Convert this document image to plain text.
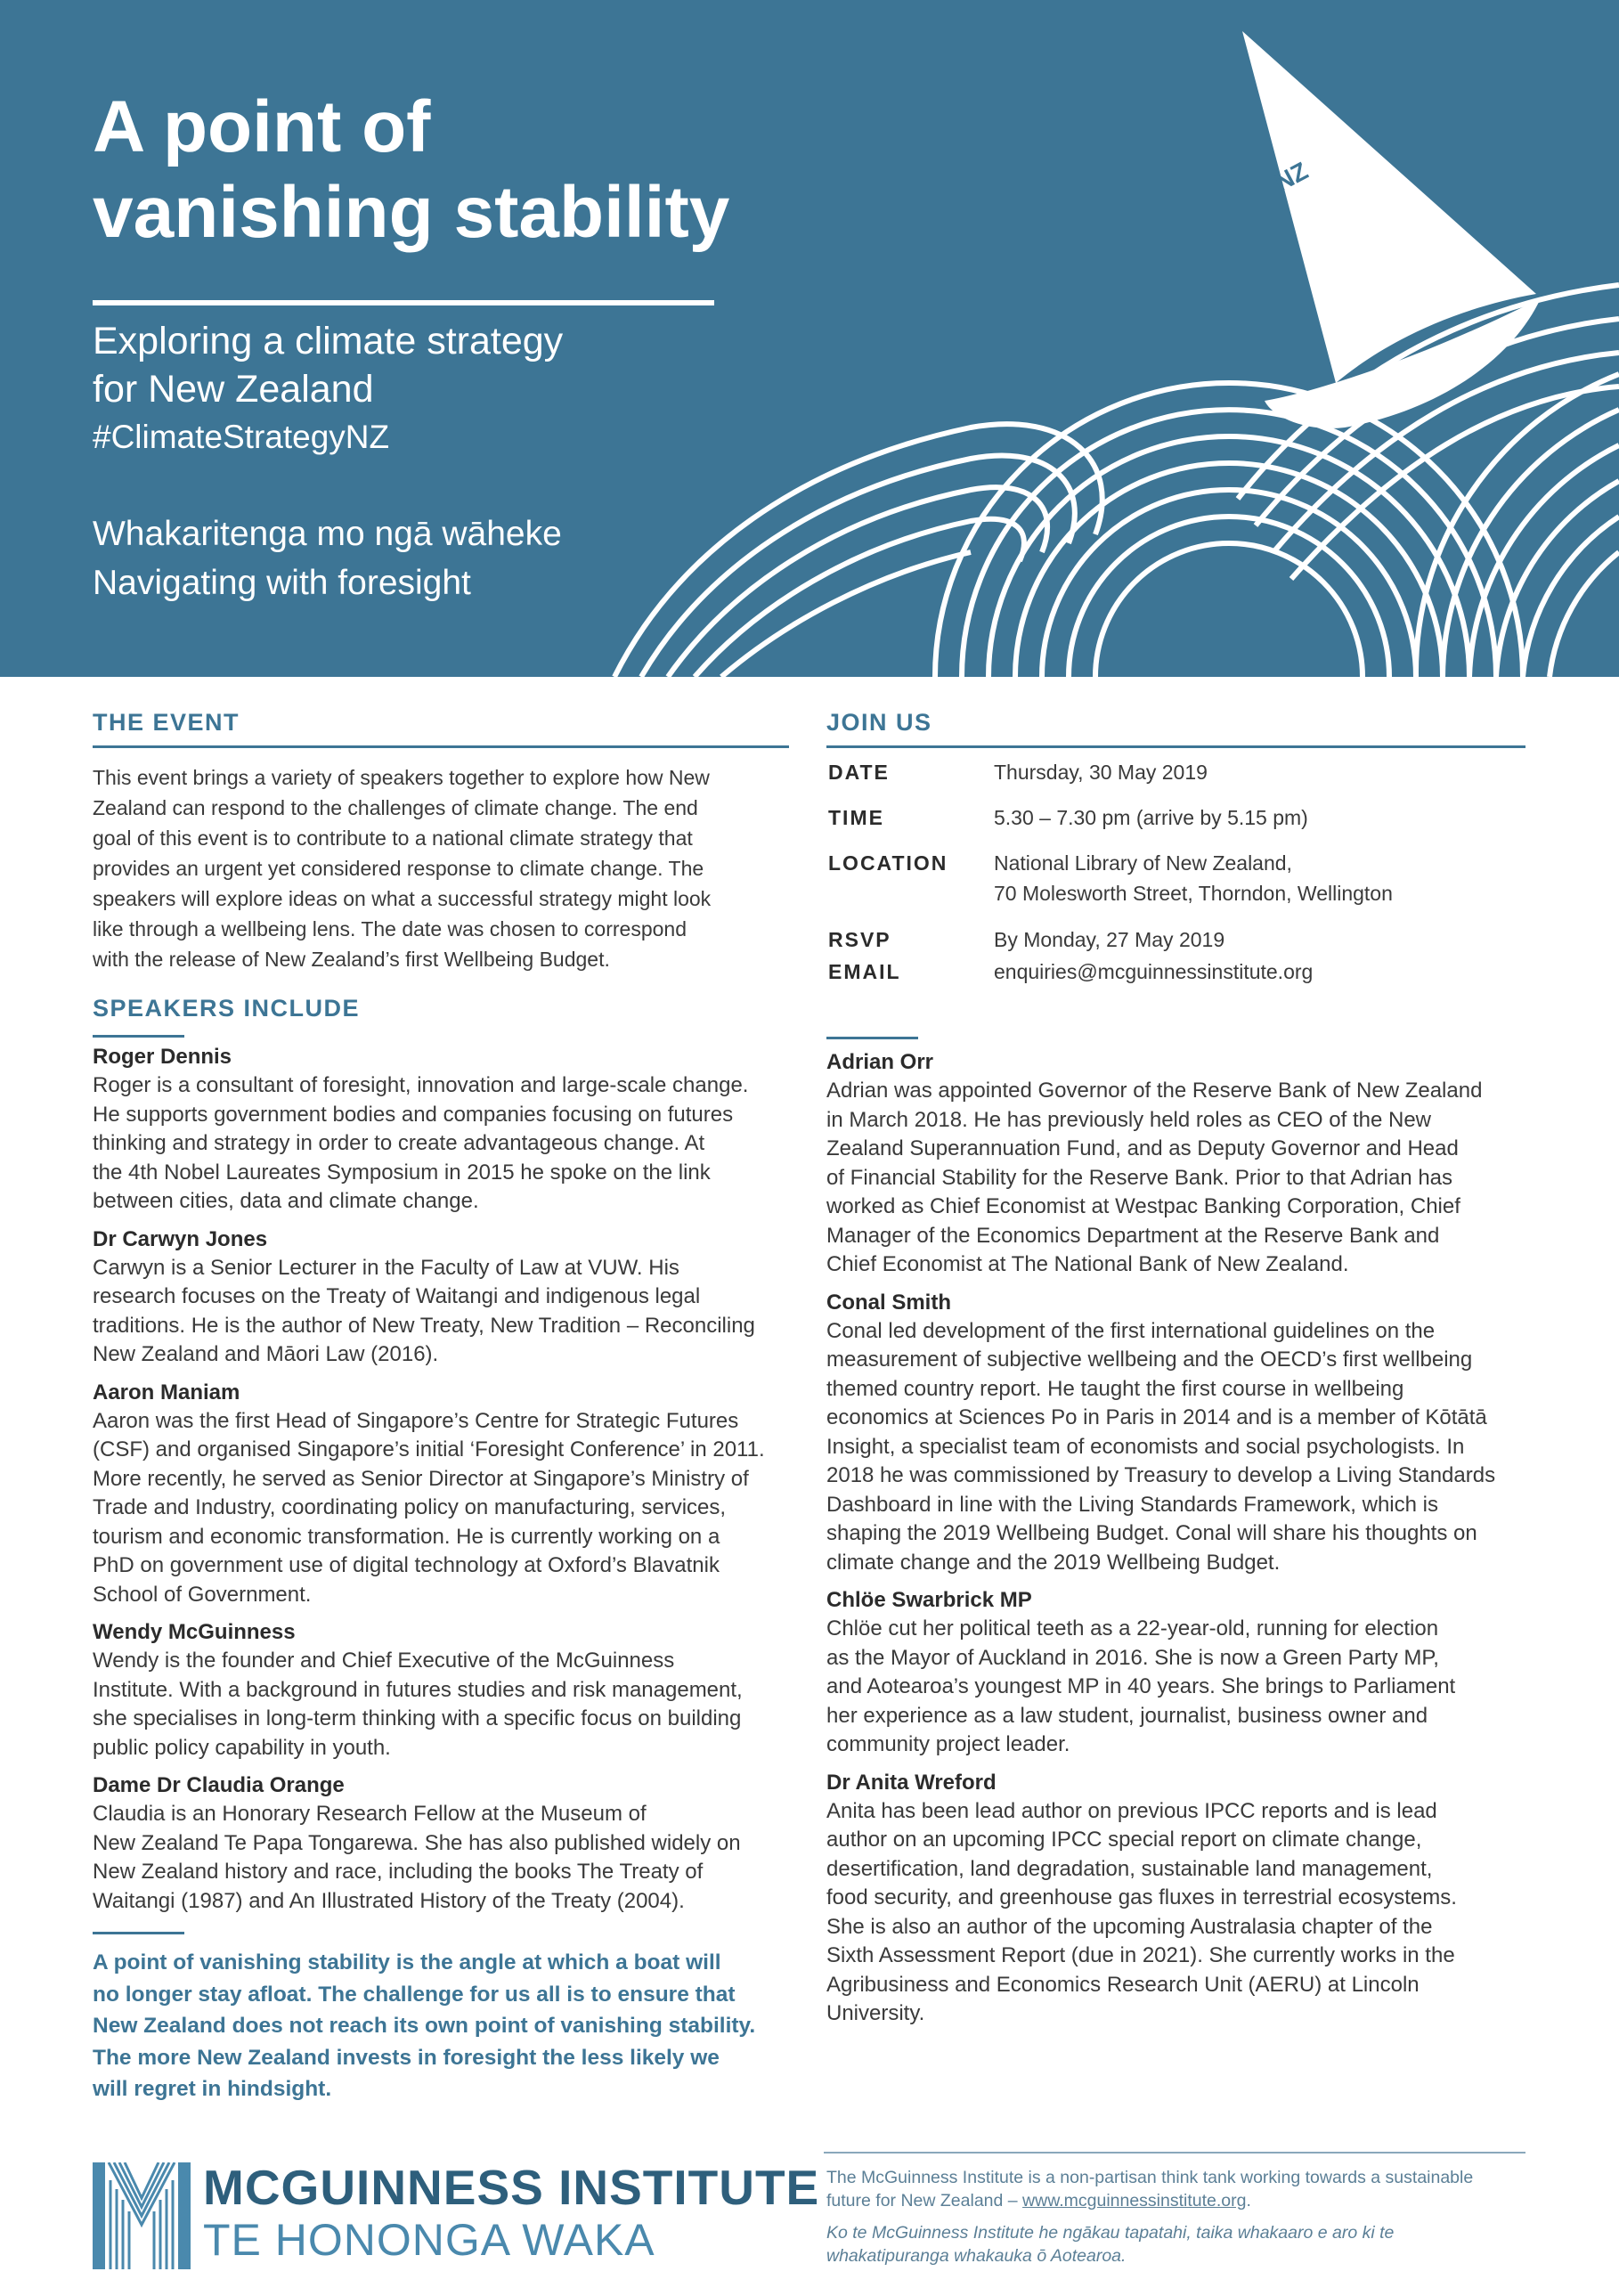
NZ
A point of
vanishing stability
Exploring a climate strategy
for New Zealand
#ClimateStrategyNZ
Whakaritenga mo ngā wāheke
Navigating with foresight
THE EVENT
This event brings a variety of speakers together to explore how New
Zealand can respond to the challenges of climate change. The end
goal of this event is to contribute to a national climate strategy that
provides an urgent yet considered response to climate change. The
speakers will explore ideas on what a successful strategy might look
like through a wellbeing lens. The date was chosen to correspond
with the release of New Zealand’s first Wellbeing Budget.
SPEAKERS INCLUDE
Roger Dennis
Roger is a consultant of foresight, innovation and large-scale change.
He supports government bodies and companies focusing on futures
thinking and strategy in order to create advantageous change. At
the 4th Nobel Laureates Symposium in 2015 he spoke on the link
between cities, data and climate change.
Dr Carwyn Jones
Carwyn is a Senior Lecturer in the Faculty of Law at VUW. His
research focuses on the Treaty of Waitangi and indigenous legal
traditions. He is the author of New Treaty, New Tradition – Reconciling
New Zealand and Māori Law (2016).
Aaron Maniam
Aaron was the first Head of Singapore’s Centre for Strategic Futures
(CSF) and organised Singapore’s initial ‘Foresight Conference’ in 2011.
More recently, he served as Senior Director at Singapore’s Ministry of
Trade and Industry, coordinating policy on manufacturing, services,
tourism and economic transformation. He is currently working on a
PhD on government use of digital technology at Oxford’s Blavatnik
School of Government.
Wendy McGuinness
Wendy is the founder and Chief Executive of the McGuinness
Institute. With a background in futures studies and risk management,
she specialises in long-term thinking with a specific focus on building
public policy capability in youth.
Dame Dr Claudia Orange
Claudia is an Honorary Research Fellow at the Museum of
New Zealand Te Papa Tongarewa. She has also published widely on
New Zealand history and race, including the books The Treaty of
Waitangi (1987) and An Illustrated History of the Treaty (2004).
A point of vanishing stability is the angle at which a boat will
no longer stay afloat. The challenge for us all is to ensure that
New Zealand does not reach its own point of vanishing stability.
The more New Zealand invests in foresight the less likely we
will regret in hindsight.
JOIN US
DATE	Thursday, 30 May 2019
TIME	5.30 – 7.30 pm (arrive by 5.15 pm)
LOCATION National Library of New Zealand,
70 Molesworth Street, Thorndon, Wellington
RSVP	By Monday, 27 May 2019
EMAIL	enquiries@mcguinnessinstitute.org
Adrian Orr
Adrian was appointed Governor of the Reserve Bank of New Zealand
in March 2018. He has previously held roles as CEO of the New
Zealand Superannuation Fund, and as Deputy Governor and Head
of Financial Stability for the Reserve Bank. Prior to that Adrian has
worked as Chief Economist at Westpac Banking Corporation, Chief
Manager of the Economics Department at the Reserve Bank and
Chief Economist at The National Bank of New Zealand.
Conal Smith
Conal led development of the first international guidelines on the
measurement of subjective wellbeing and the OECD’s first wellbeing
themed country report. He taught the first course in wellbeing
economics at Sciences Po in Paris in 2014 and is a member of Kōtātā
Insight, a specialist team of economists and social psychologists. In
2018 he was commissioned by Treasury to develop a Living Standards
Dashboard in line with the Living Standards Framework, which is
shaping the 2019 Wellbeing Budget. Conal will share his thoughts on
climate change and the 2019 Wellbeing Budget.
Chlöe Swarbrick MP
Chlöe cut her political teeth as a 22-year-old, running for election
as the Mayor of Auckland in 2016. She is now a Green Party MP,
and Aotearoa’s youngest MP in 40 years. She brings to Parliament
her experience as a law student, journalist, business owner and
community project leader.
Dr Anita Wreford
Anita has been lead author on previous IPCC reports and is lead
author on an upcoming IPCC special report on climate change,
desertification, land degradation, sustainable land management,
food security, and greenhouse gas fluxes in terrestrial ecosystems.
She is also an author of the upcoming Australasia chapter of the
Sixth Assessment Report (due in 2021). She currently works in the
Agribusiness and Economics Research Unit (AERU) at Lincoln
University.
MCGUINNESS INSTITUTE
TE HONONGA WAKA
The McGuinness Institute is a non-partisan think tank working towards a sustainable
future for New Zealand – www.mcguinnessinstitute.org.
Ko te McGuinness Institute he ngākau tapatahi, taika whakaaro e aro ki te
whakatipuranga whakauka ō Aotearoa.
